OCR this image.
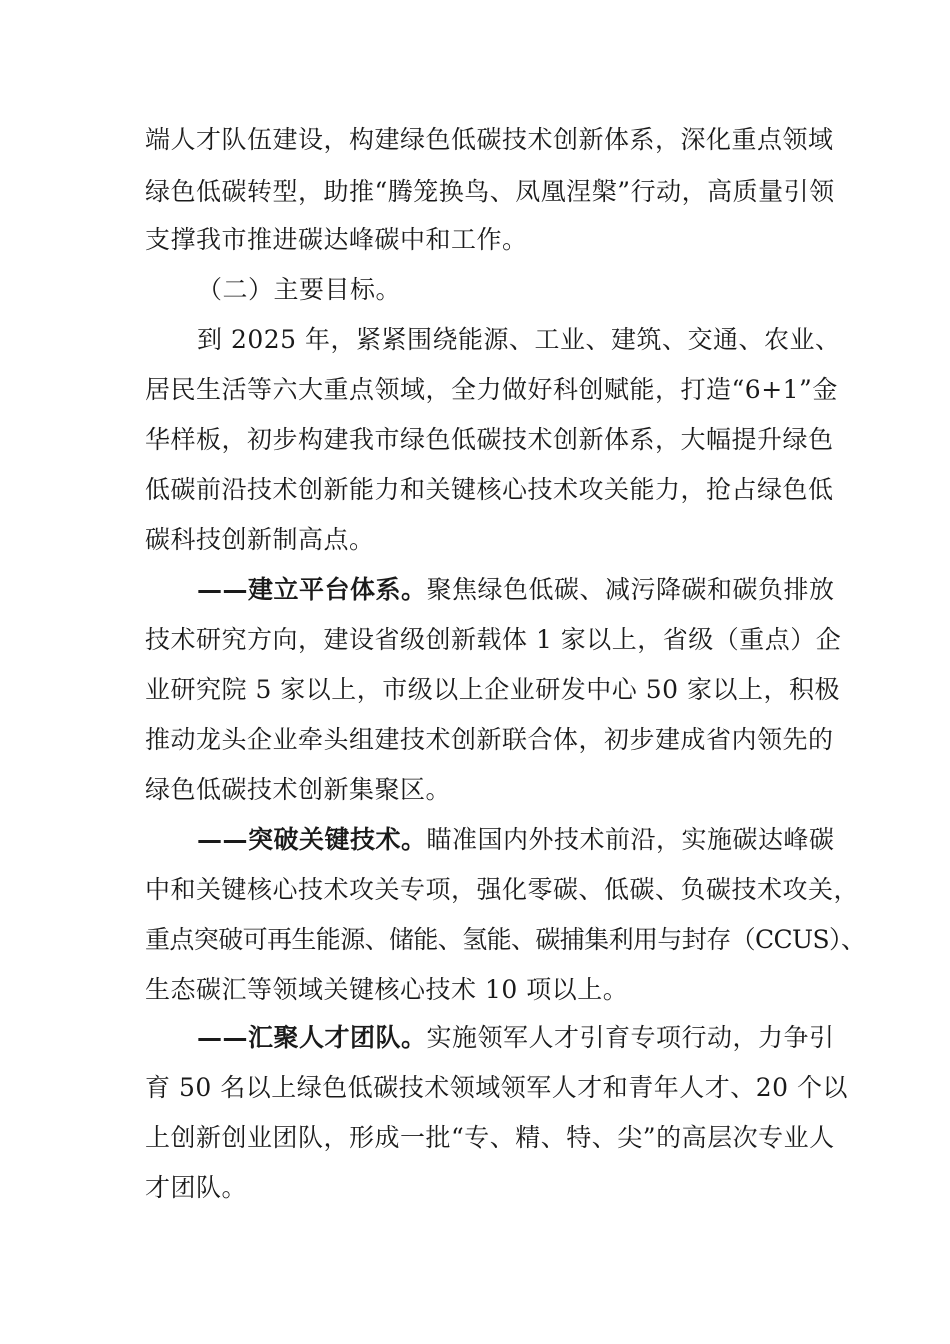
端人才队伍建设，构建绿色低碳技术创新体系，深化重点领域
绿色低碳转型，助推“腾笼换鸟、凤凰涅槃”行动，高质量引领
支撑我市推进碳达峰碳中和工作。
（二）主要目标。
到 2025 年，紧紧围绕能源、工业、建筑、交通、农业、
居民生活等六大重点领域，全力做好科创赋能，打造“6+1”金
华样板，初步构建我市绿色低碳技术创新体系，大幅提升绿色
低碳前沿技术创新能力和关键核心技术攻关能力，抢占绿色低
碳科技创新制高点。
——建立平台体系。 聚焦绿色低碳、减污降碳和碳负排放
技术研究方向，建设省级创新载体 1 家以上，省级（重点）企
业研究院 5 家以上，市级以上企业研发中心 50 家以上，积极
推动龙头企业牵头组建技术创新联合体，初步建成省内领先的
绿色低碳技术创新集聚区。
——突破关键技术。 瞄准国内外技术前沿，实施碳达峰碳
中和关键核心技术攻关专项，强化零碳、低碳、负碳技术攻关，
重点突破可再生能源、储能、氢能、碳捕集利用与封存（CCUS）、
生态碳汇等领域关键核心技术 10 项以上。
——汇聚人才团队。 实施领军人才引育专项行动，力争引
育 50 名以上绿色低碳技术领域领军人才和青年人才、20 个以
上创新创业团队，形成一批“专、精、特、尖”的高层次专业人
才团队。
